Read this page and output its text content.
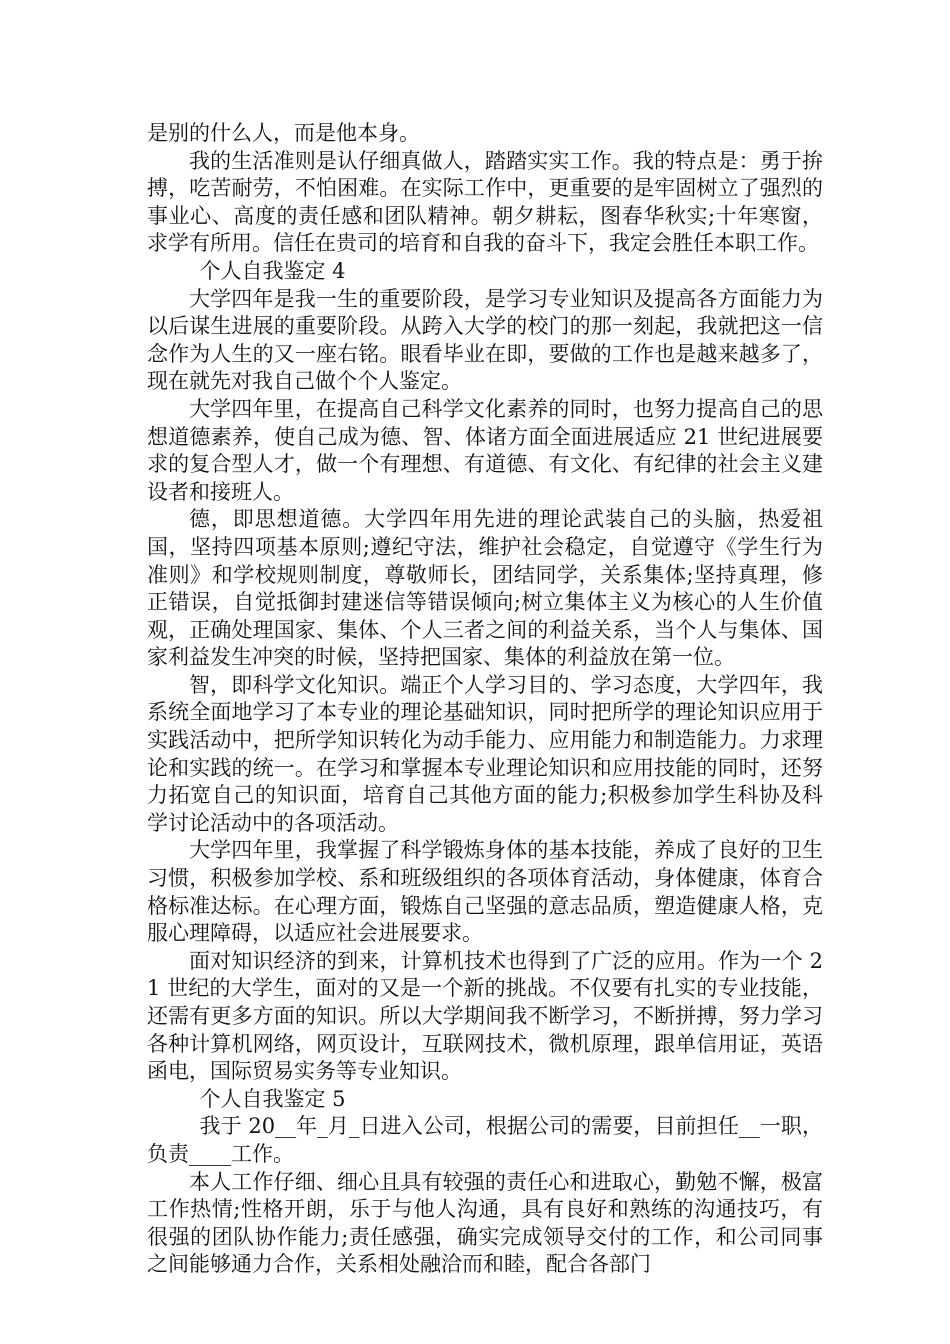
是别的什么人，而是他本身。

我的生活准则是认仔细真做人，踏踏实实工作。我的特点是：勇于拚搏，吃苦耐劳，不怕困难。在实际工作中，更重要的是牢固树立了强烈的事业心、高度的责任感和团队精神。朝夕耕耘，图春华秋实;十年寒窗，求学有所用。信任在贵司的培育和自我的奋斗下，我定会胜任本职工作。

个人自我鉴定 4

大学四年是我一生的重要阶段，是学习专业知识及提高各方面能力为以后谋生进展的重要阶段。从跨入大学的校门的那一刻起，我就把这一信念作为人生的又一座右铭。眼看毕业在即，要做的工作也是越来越多了，现在就先对我自己做个个人鉴定。

大学四年里，在提高自己科学文化素养的同时，也努力提高自己的思想道德素养，使自己成为德、智、体诸方面全面进展适应 21 世纪进展要求的复合型人才，做一个有理想、有道德、有文化、有纪律的社会主义建设者和接班人。

德，即思想道德。大学四年用先进的理论武装自己的头脑，热爱祖国，坚持四项基本原则;遵纪守法，维护社会稳定，自觉遵守《学生行为准则》和学校规则制度，尊敬师长，团结同学，关系集体;坚持真理，修正错误，自觉抵御封建迷信等错误倾向;树立集体主义为核心的人生价值观，正确处理国家、集体、个人三者之间的利益关系，当个人与集体、国家利益发生冲突的时候，坚持把国家、集体的利益放在第一位。

智，即科学文化知识。端正个人学习目的、学习态度，大学四年，我系统全面地学习了本专业的理论基础知识，同时把所学的理论知识应用于实践活动中，把所学知识转化为动手能力、应用能力和制造能力。力求理论和实践的统一。在学习和掌握本专业理论知识和应用技能的同时，还努力拓宽自己的知识面，培育自己其他方面的能力;积极参加学生科协及科学讨论活动中的各项活动。

大学四年里，我掌握了科学锻炼身体的基本技能，养成了良好的卫生习惯，积极参加学校、系和班级组织的各项体育活动，身体健康，体育合格标准达标。在心理方面，锻炼自己坚强的意志品质，塑造健康人格，克服心理障碍，以适应社会进展要求。

面对知识经济的到来，计算机技术也得到了广泛的应用。作为一个 21 世纪的大学生，面对的又是一个新的挑战。不仅要有扎实的专业技能，还需有更多方面的知识。所以大学期间我不断学习，不断拼搏，努力学习各种计算机网络，网页设计，互联网技术，微机原理，跟单信用证，英语函电，国际贸易实务等专业知识。

个人自我鉴定 5

我于 20__年_月_日进入公司，根据公司的需要，目前担任__一职，负责____工作。

本人工作仔细、细心且具有较强的责任心和进取心，勤勉不懈，极富工作热情;性格开朗，乐于与他人沟通，具有良好和熟练的沟通技巧，有很强的团队协作能力;责任感强，确实完成领导交付的工作，和公司同事之间能够通力合作，关系相处融洽而和睦，配合各部门
